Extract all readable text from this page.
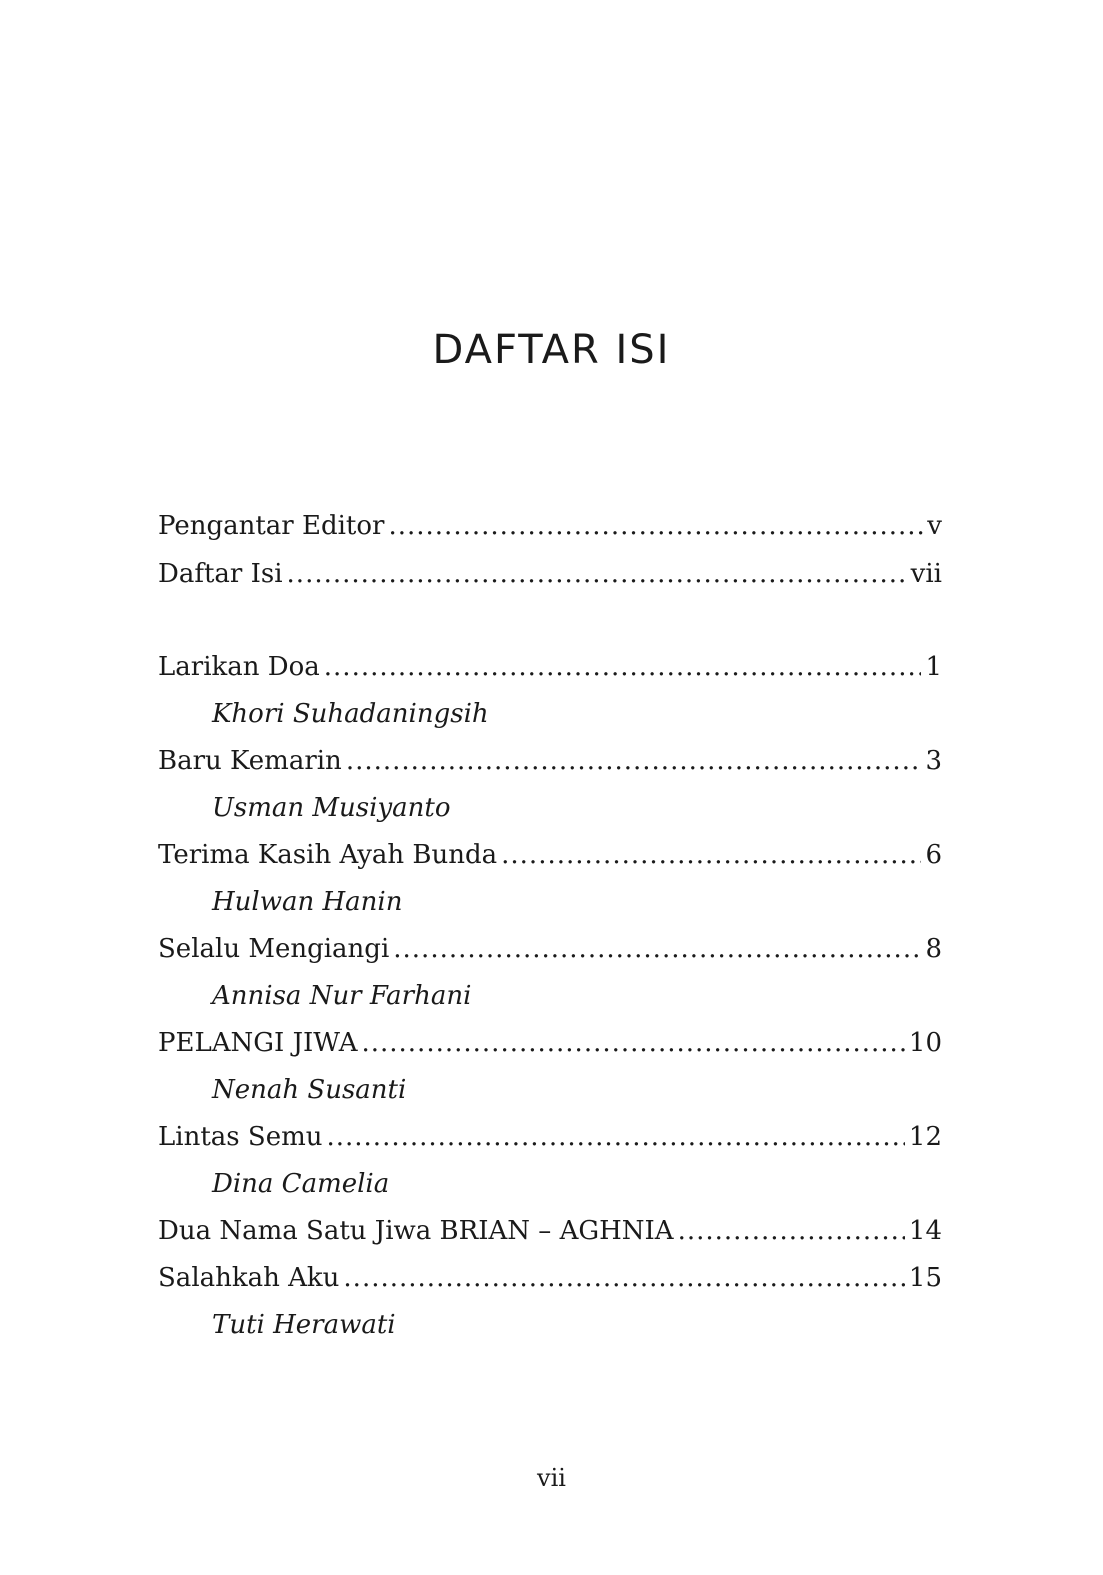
DAFTAR ISI
Pengantar Editor .....	v
Daftar Isi .....	vii
Larikan Doa .....	1
Khori Suhadaningsih
Baru Kemarin .....	3
Usman Musiyanto
Terima Kasih Ayah Bunda .....	6
Hulwan Hanin
Selalu Mengiangi .....	8
Annisa Nur Farhani
PELANGI JIWA .....	10
Nenah Susanti
Lintas Semu .....	12
Dina Camelia
Dua Nama Satu Jiwa BRIAN – AGHNIA .....	14
Salahkah Aku .....	15
Tuti Herawati
vii
